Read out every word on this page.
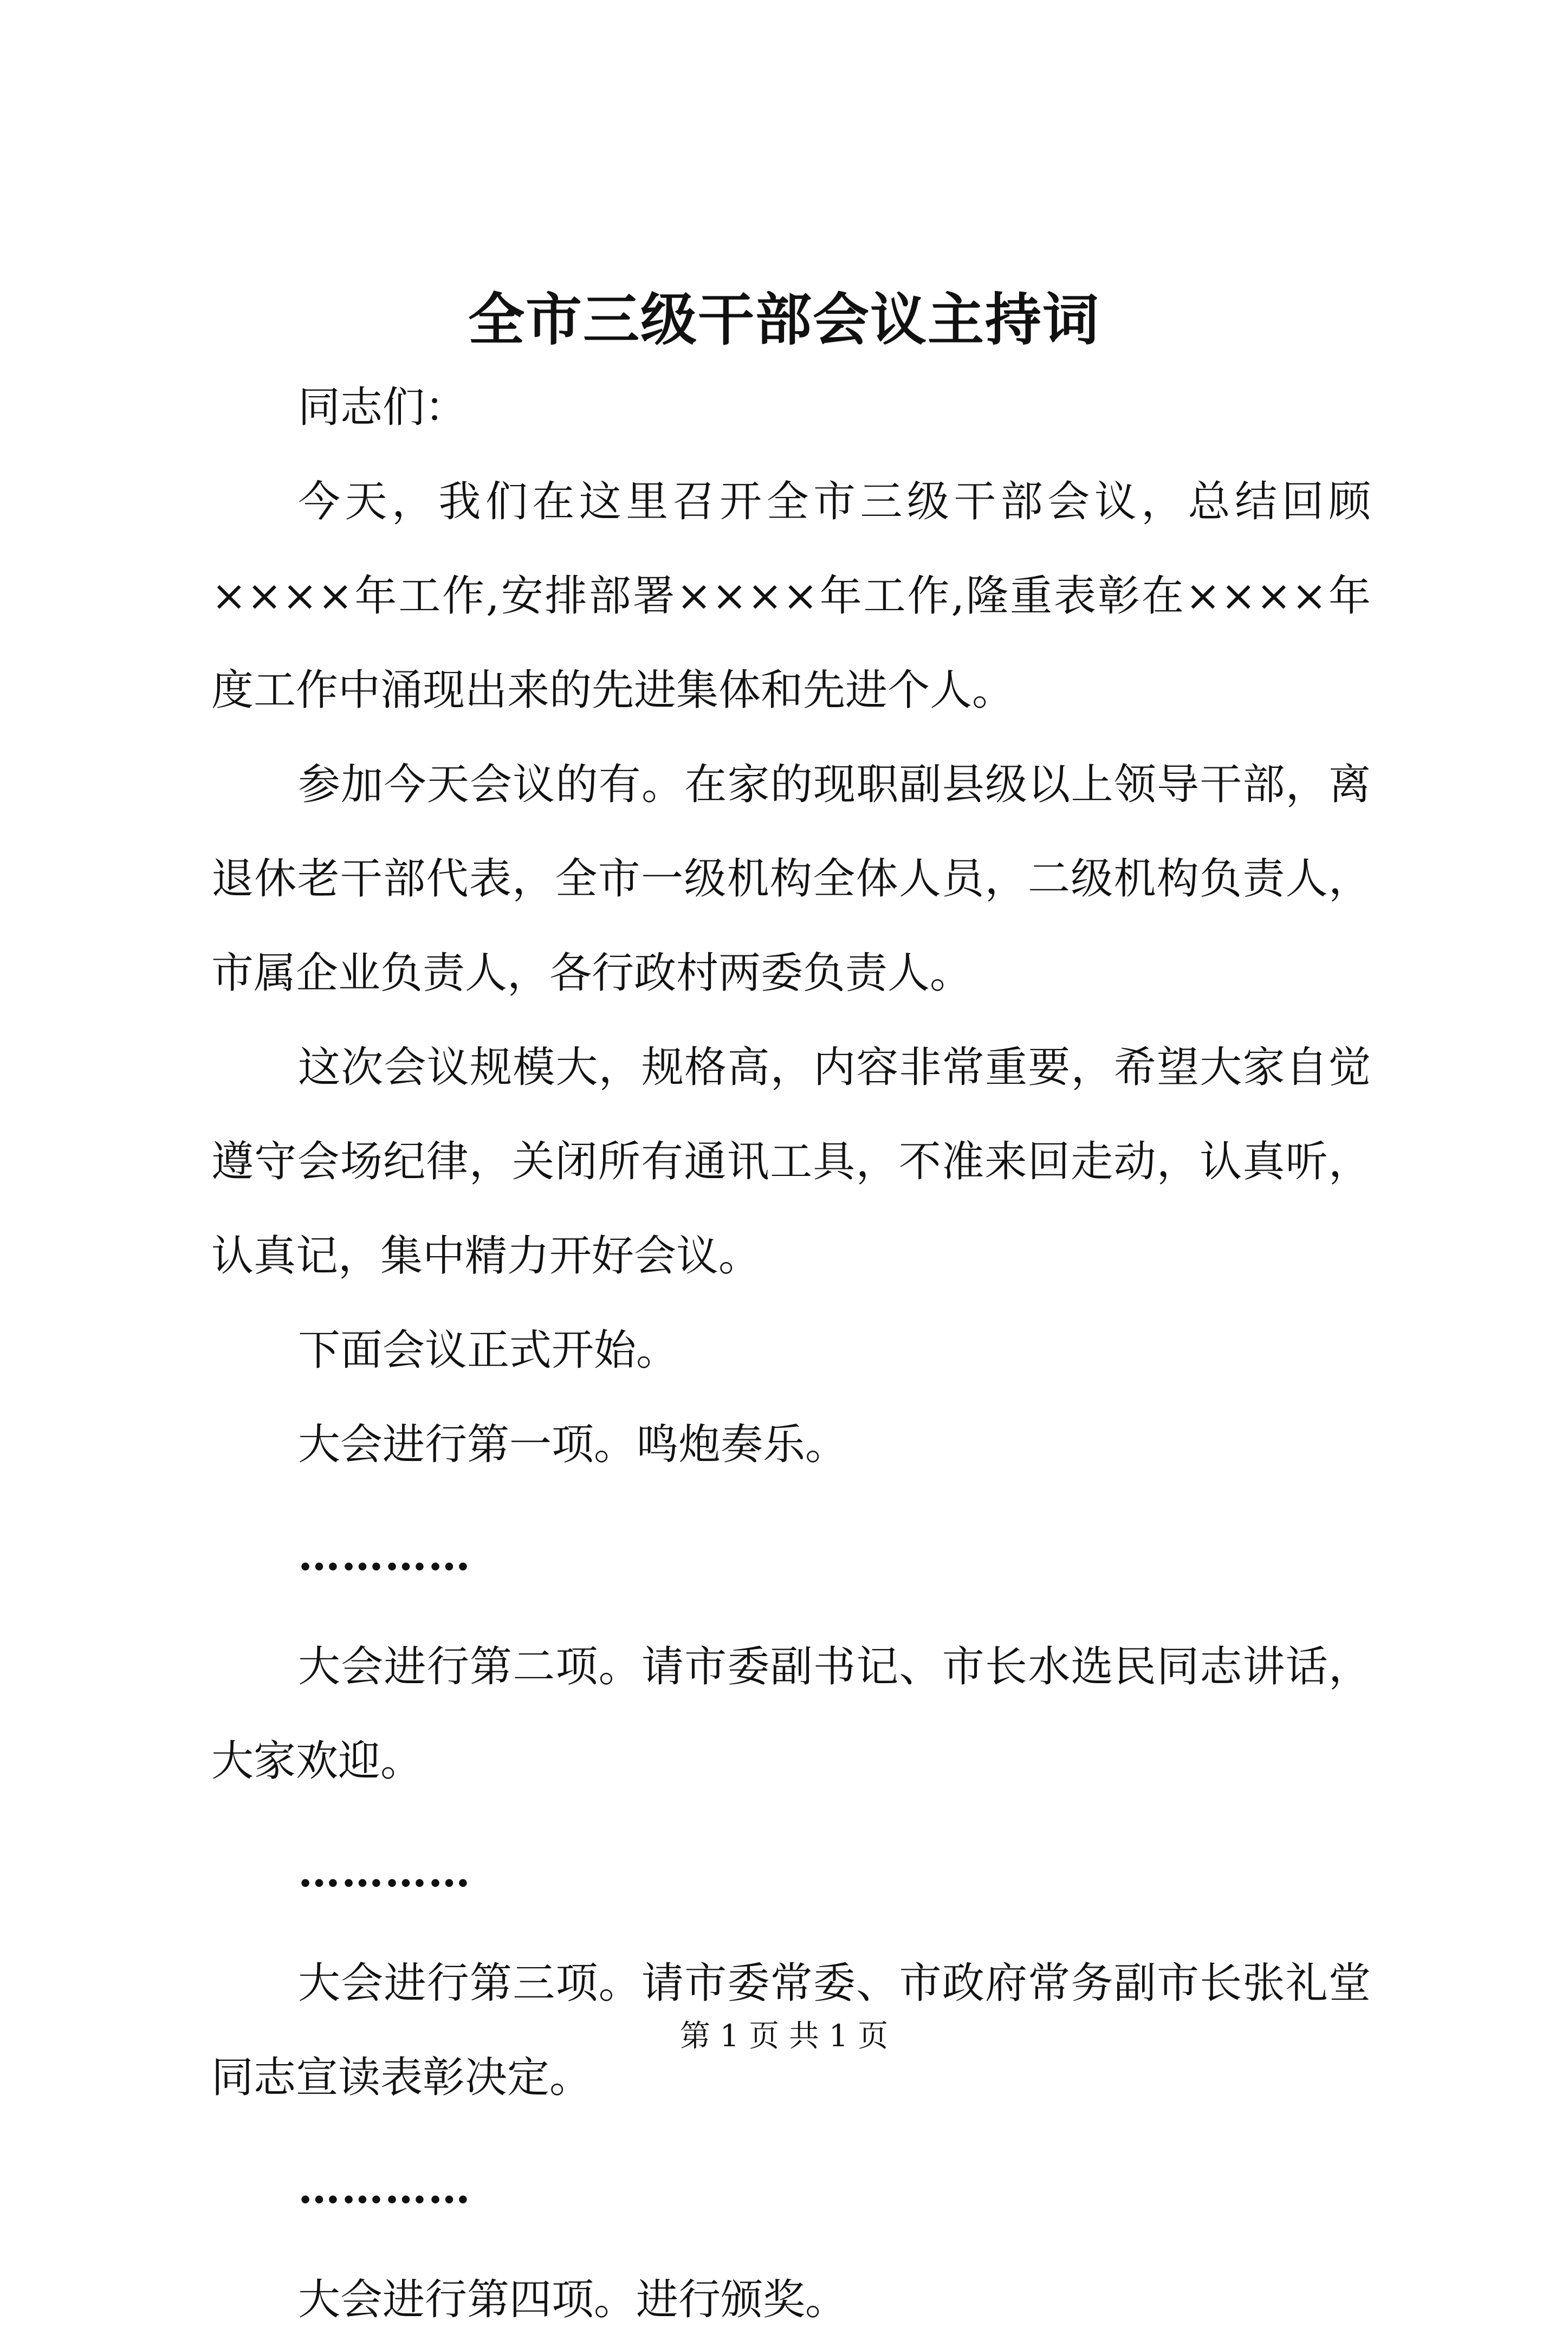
全市三级干部会议主持词

同志们：

今天，我们在这里召开全市三级干部会议，总结回顾××××年工作,安排部署××××年工作,隆重表彰在××××年度工作中涌现出来的先进集体和先进个人。

参加今天会议的有。在家的现职副县级以上领导干部，离退休老干部代表，全市一级机构全体人员，二级机构负责人，市属企业负责人，各行政村两委负责人。

这次会议规模大，规格高，内容非常重要，希望大家自觉遵守会场纪律，关闭所有通讯工具，不准来回走动，认真听，认真记，集中精力开好会议。

下面会议正式开始。

大会进行第一项。鸣炮奏乐。

…………

大会进行第二项。请市委副书记、市长水选民同志讲话，大家欢迎。

…………

大会进行第三项。请市委常委、市政府常务副市长张礼堂同志宣读表彰决定。

…………

大会进行第四项。进行颁奖。

第 1 页 共 1 页
